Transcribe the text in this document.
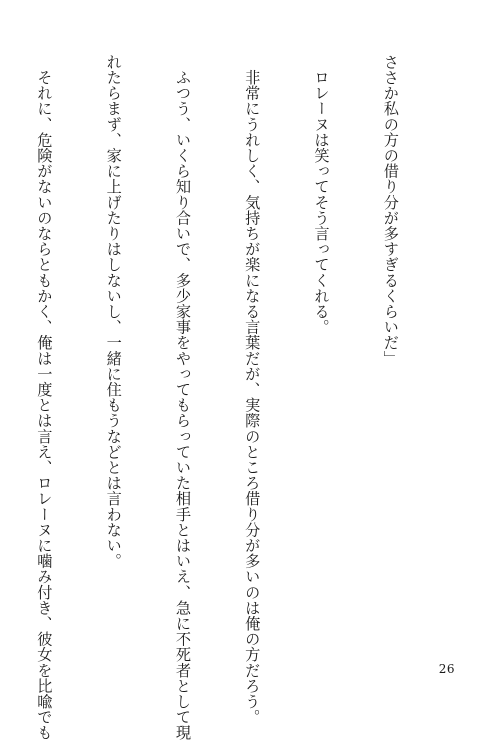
ささか私の方の借り分が多すぎるくらいだ」

　ロレーヌは笑ってそう言ってくれる。

　非常にうれしく、気持ちが楽になる言葉だが、実際のところ借り分が多いのは俺の方だろう。

　ふつう、いくら知り合いで、多少家事をやってもらっていた相手とはいえ、急に不死者として現

れたらまず、家に上げたりはしないし、一緒に住もうなどとは言わない。

　それに、危険がないのならともかく、俺は一度とは言え、ロレーヌに噛み付き、彼女を比喩でも

	26
